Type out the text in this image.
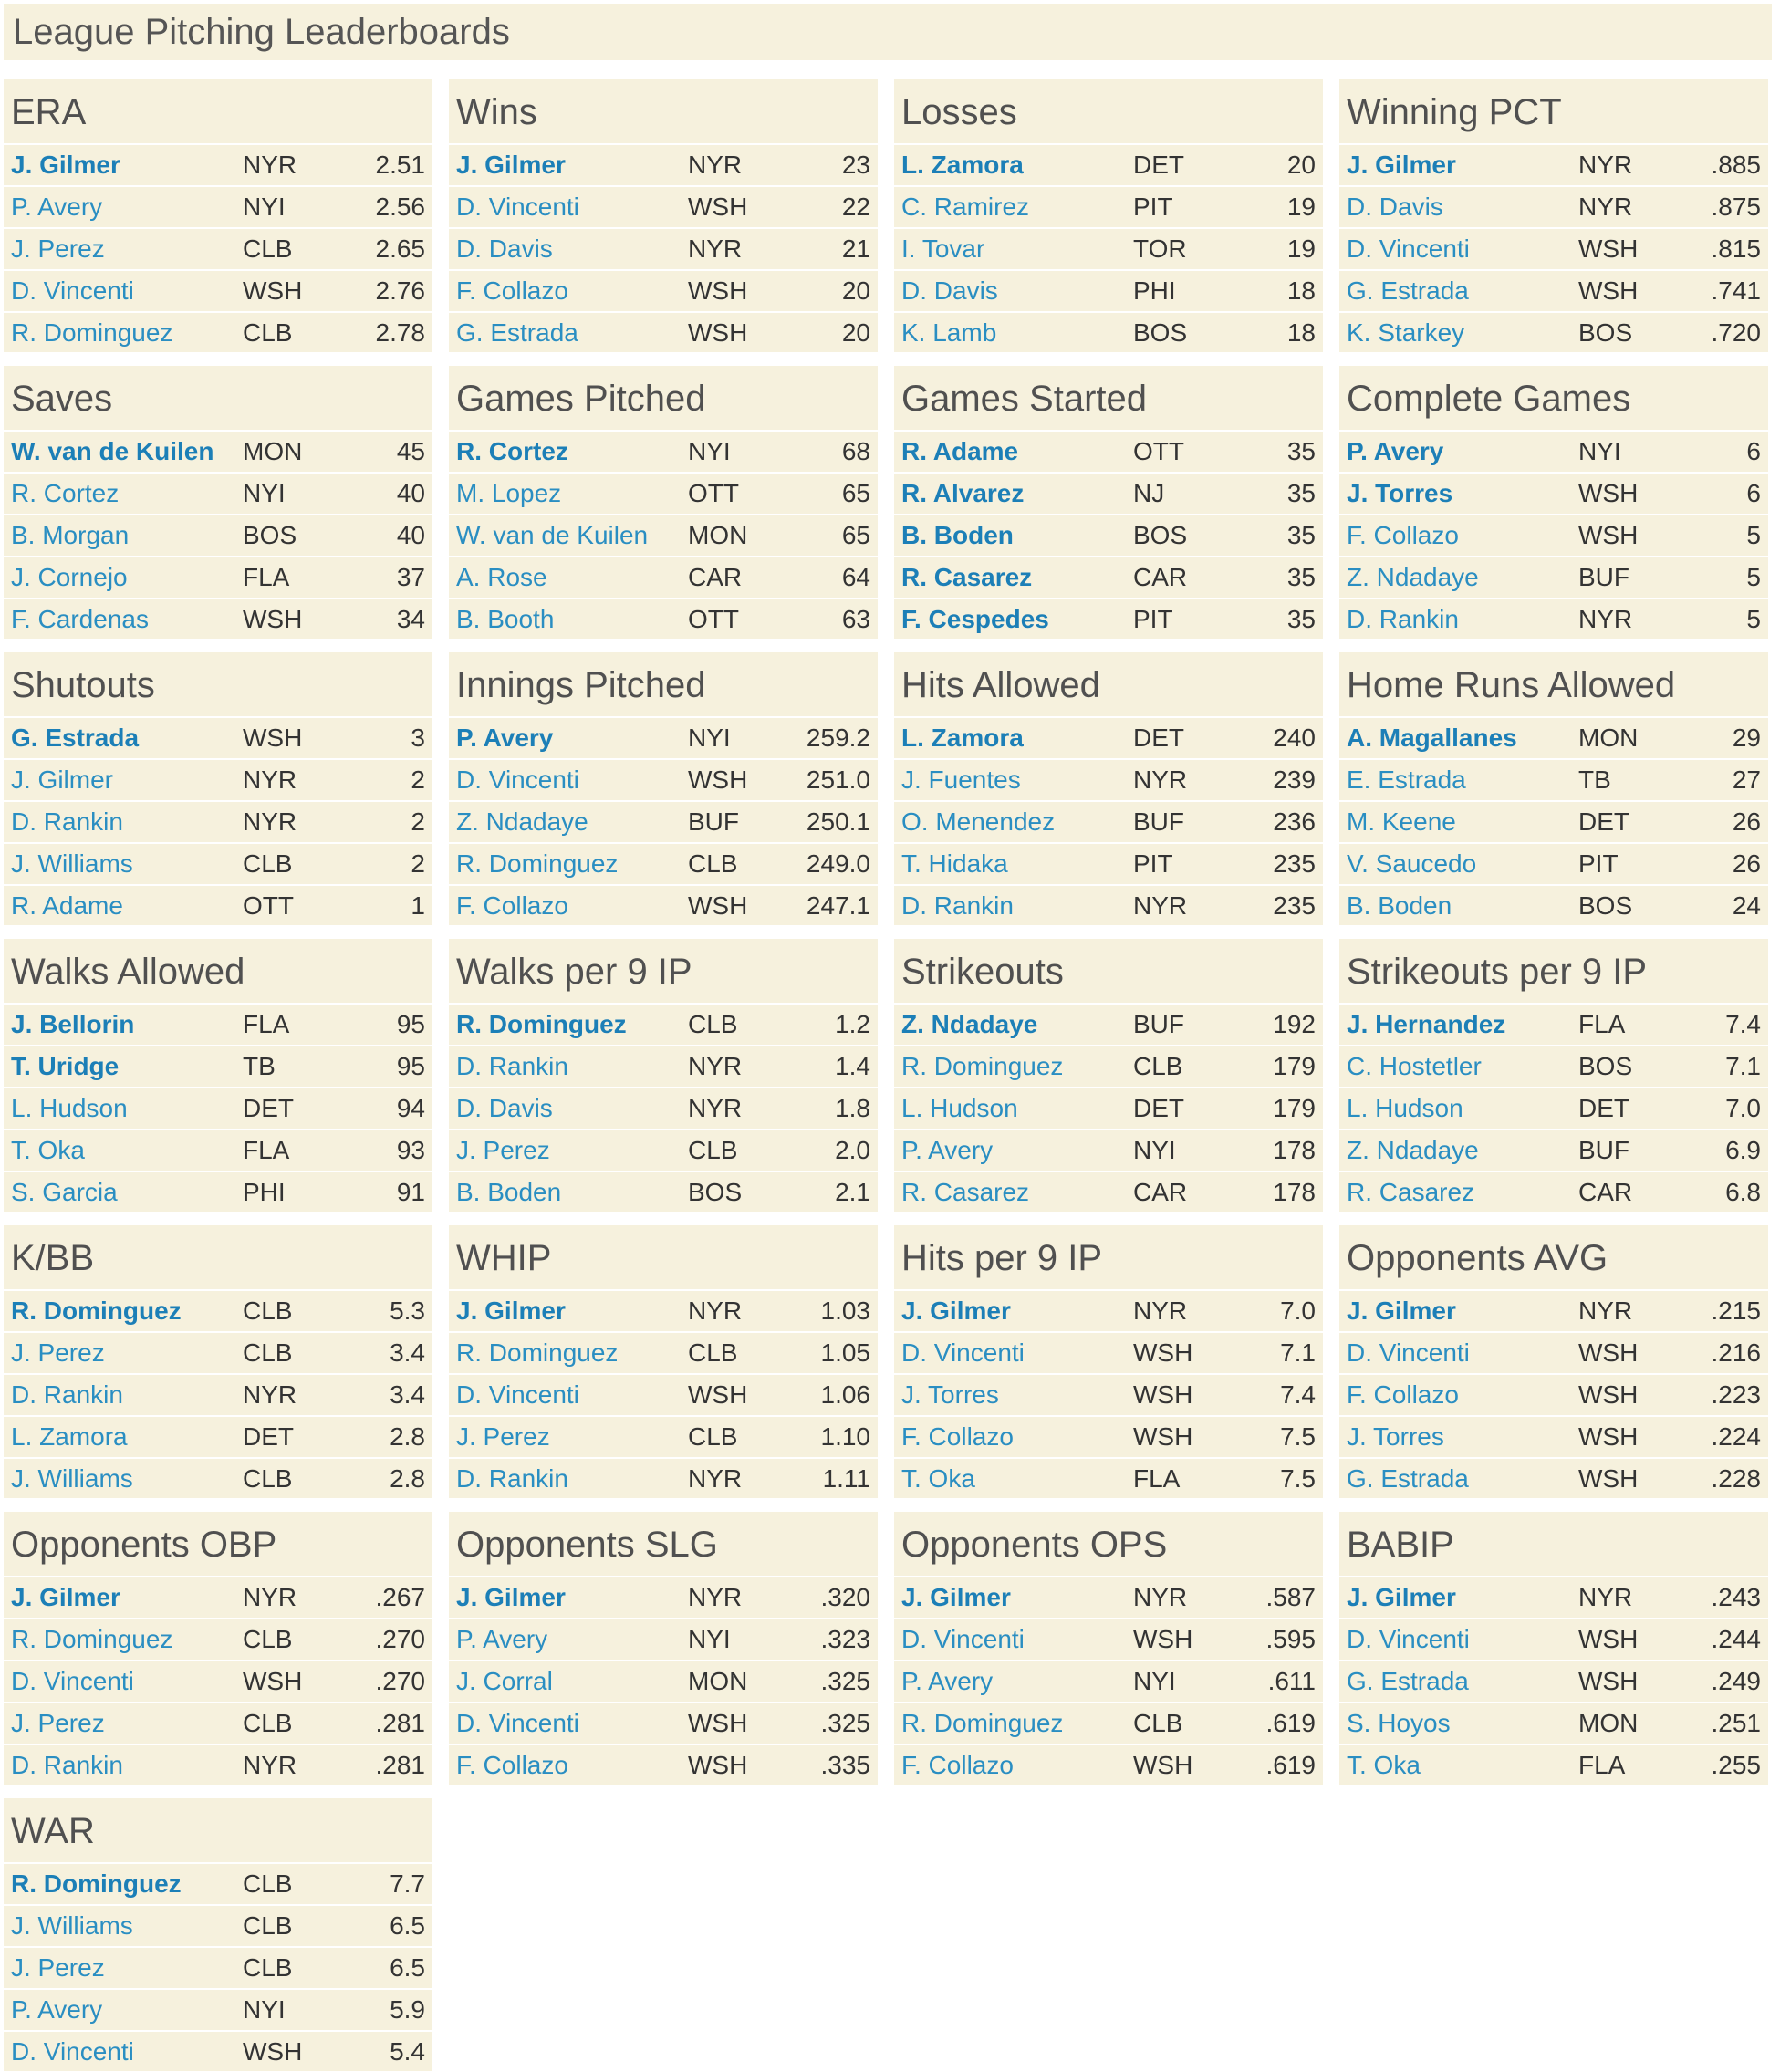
League Pitching Leaderboards
ERA
J. Gilmer	NYR	2.51
P. Avery	NYI	2.56
J. Perez	CLB	2.65
D. Vincenti	WSH	2.76
R. Dominguez	CLB	2.78
Wins
J. Gilmer	NYR	23
D. Vincenti	WSH	22
D. Davis	NYR	21
F. Collazo	WSH	20
G. Estrada	WSH	20
Losses
L. Zamora	DET	20
C. Ramirez	PIT	19
I. Tovar	TOR	19
D. Davis	PHI	18
K. Lamb	BOS	18
Winning PCT
J. Gilmer	NYR	.885
D. Davis	NYR	.875
D. Vincenti	WSH	.815
G. Estrada	WSH	.741
K. Starkey	BOS	.720
Saves
W. van de Kuilen	MON	45
R. Cortez	NYI	40
B. Morgan	BOS	40
J. Cornejo	FLA	37
F. Cardenas	WSH	34
Games Pitched
R. Cortez	NYI	68
M. Lopez	OTT	65
W. van de Kuilen	MON	65
A. Rose	CAR	64
B. Booth	OTT	63
Games Started
R. Adame	OTT	35
R. Alvarez	NJ	35
B. Boden	BOS	35
R. Casarez	CAR	35
F. Cespedes	PIT	35
Complete Games
P. Avery	NYI	6
J. Torres	WSH	6
F. Collazo	WSH	5
Z. Ndadaye	BUF	5
D. Rankin	NYR	5
Shutouts
G. Estrada	WSH	3
J. Gilmer	NYR	2
D. Rankin	NYR	2
J. Williams	CLB	2
R. Adame	OTT	1
Innings Pitched
P. Avery	NYI	259.2
D. Vincenti	WSH	251.0
Z. Ndadaye	BUF	250.1
R. Dominguez	CLB	249.0
F. Collazo	WSH	247.1
Hits Allowed
L. Zamora	DET	240
J. Fuentes	NYR	239
O. Menendez	BUF	236
T. Hidaka	PIT	235
D. Rankin	NYR	235
Home Runs Allowed
A. Magallanes	MON	29
E. Estrada	TB	27
M. Keene	DET	26
V. Saucedo	PIT	26
B. Boden	BOS	24
Walks Allowed
J. Bellorin	FLA	95
T. Uridge	TB	95
L. Hudson	DET	94
T. Oka	FLA	93
S. Garcia	PHI	91
Walks per 9 IP
R. Dominguez	CLB	1.2
D. Rankin	NYR	1.4
D. Davis	NYR	1.8
J. Perez	CLB	2.0
B. Boden	BOS	2.1
Strikeouts
Z. Ndadaye	BUF	192
R. Dominguez	CLB	179
L. Hudson	DET	179
P. Avery	NYI	178
R. Casarez	CAR	178
Strikeouts per 9 IP
J. Hernandez	FLA	7.4
C. Hostetler	BOS	7.1
L. Hudson	DET	7.0
Z. Ndadaye	BUF	6.9
R. Casarez	CAR	6.8
K/BB
R. Dominguez	CLB	5.3
J. Perez	CLB	3.4
D. Rankin	NYR	3.4
L. Zamora	DET	2.8
J. Williams	CLB	2.8
WHIP
J. Gilmer	NYR	1.03
R. Dominguez	CLB	1.05
D. Vincenti	WSH	1.06
J. Perez	CLB	1.10
D. Rankin	NYR	1.11
Hits per 9 IP
J. Gilmer	NYR	7.0
D. Vincenti	WSH	7.1
J. Torres	WSH	7.4
F. Collazo	WSH	7.5
T. Oka	FLA	7.5
Opponents AVG
J. Gilmer	NYR	.215
D. Vincenti	WSH	.216
F. Collazo	WSH	.223
J. Torres	WSH	.224
G. Estrada	WSH	.228
Opponents OBP
J. Gilmer	NYR	.267
R. Dominguez	CLB	.270
D. Vincenti	WSH	.270
J. Perez	CLB	.281
D. Rankin	NYR	.281
Opponents SLG
J. Gilmer	NYR	.320
P. Avery	NYI	.323
J. Corral	MON	.325
D. Vincenti	WSH	.325
F. Collazo	WSH	.335
Opponents OPS
J. Gilmer	NYR	.587
D. Vincenti	WSH	.595
P. Avery	NYI	.611
R. Dominguez	CLB	.619
F. Collazo	WSH	.619
BABIP
J. Gilmer	NYR	.243
D. Vincenti	WSH	.244
G. Estrada	WSH	.249
S. Hoyos	MON	.251
T. Oka	FLA	.255
WAR
R. Dominguez	CLB	7.7
J. Williams	CLB	6.5
J. Perez	CLB	6.5
P. Avery	NYI	5.9
D. Vincenti	WSH	5.4
